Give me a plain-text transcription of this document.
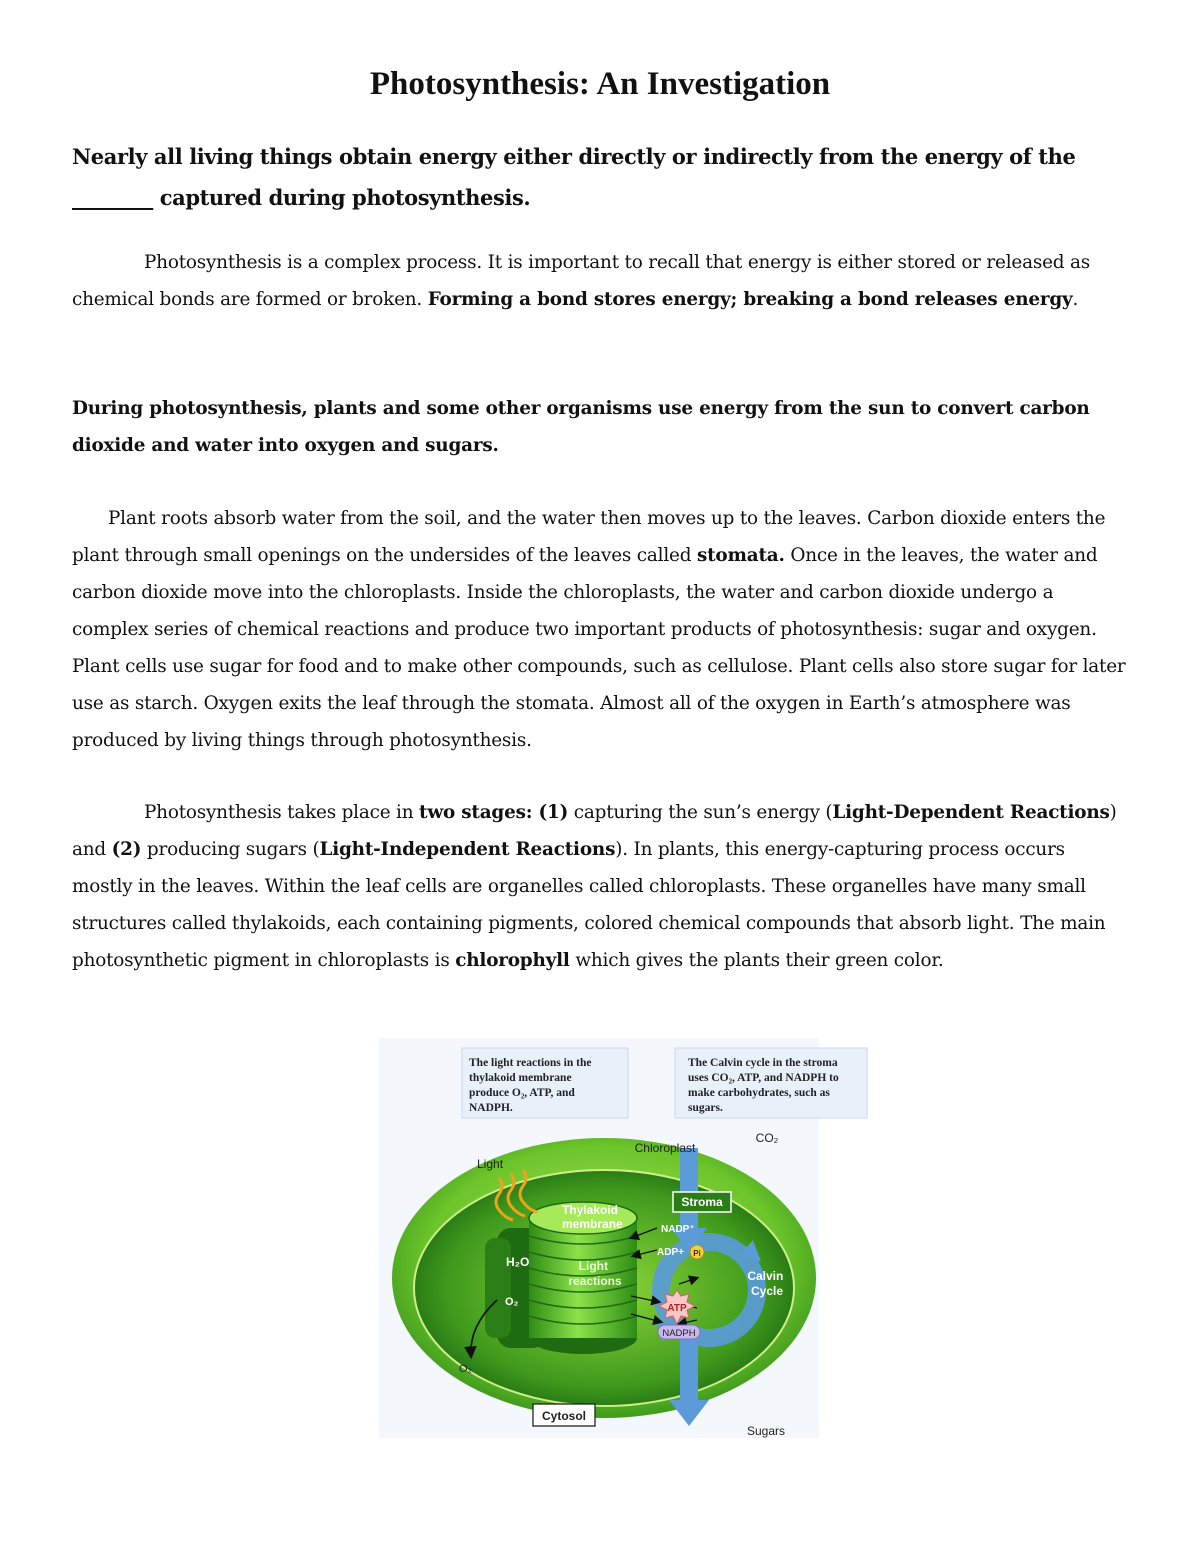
Photosynthesis: An Investigation

Nearly all living things obtain energy either directly or indirectly from the energy of the ________ captured during photosynthesis.

Photosynthesis is a complex process. It is important to recall that energy is either stored or released as chemical bonds are formed or broken. Forming a bond stores energy; breaking a bond releases energy.

During photosynthesis, plants and some other organisms use energy from the sun to convert carbon dioxide and water into oxygen and sugars.

Plant roots absorb water from the soil, and the water then moves up to the leaves. Carbon dioxide enters the plant through small openings on the undersides of the leaves called stomata. Once in the leaves, the water and carbon dioxide move into the chloroplasts. Inside the chloroplasts, the water and carbon dioxide undergo a complex series of chemical reactions and produce two important products of photosynthesis: sugar and oxygen. Plant cells use sugar for food and to make other compounds, such as cellulose. Plant cells also store sugar for later use as starch. Oxygen exits the leaf through the stomata. Almost all of the oxygen in Earth’s atmosphere was produced by living things through photosynthesis.

Photosynthesis takes place in two stages: (1) capturing the sun’s energy (Light-Dependent Reactions) and (2) producing sugars (Light-Independent Reactions). In plants, this energy-capturing process occurs mostly in the leaves. Within the leaf cells are organelles called chloroplasts. These organelles have many small structures called thylakoids, each containing pigments, colored chemical compounds that absorb light. The main photosynthetic pigment in chloroplasts is chlorophyll which gives the plants their green color.

The light reactions in the thylakoid membrane produce O₂, ATP, and NADPH.
The Calvin cycle in the stroma uses CO₂, ATP, and NADPH to make carbohydrates, such as sugars.
ATP
NADPH
Pi
Chloroplast
CO₂
Light
Thylakoid membrane
Stroma
NADP⁺
ADP+
H₂O	Light reactions	Calvin Cycle
O₂
O₂
Cytosol
Sugars
